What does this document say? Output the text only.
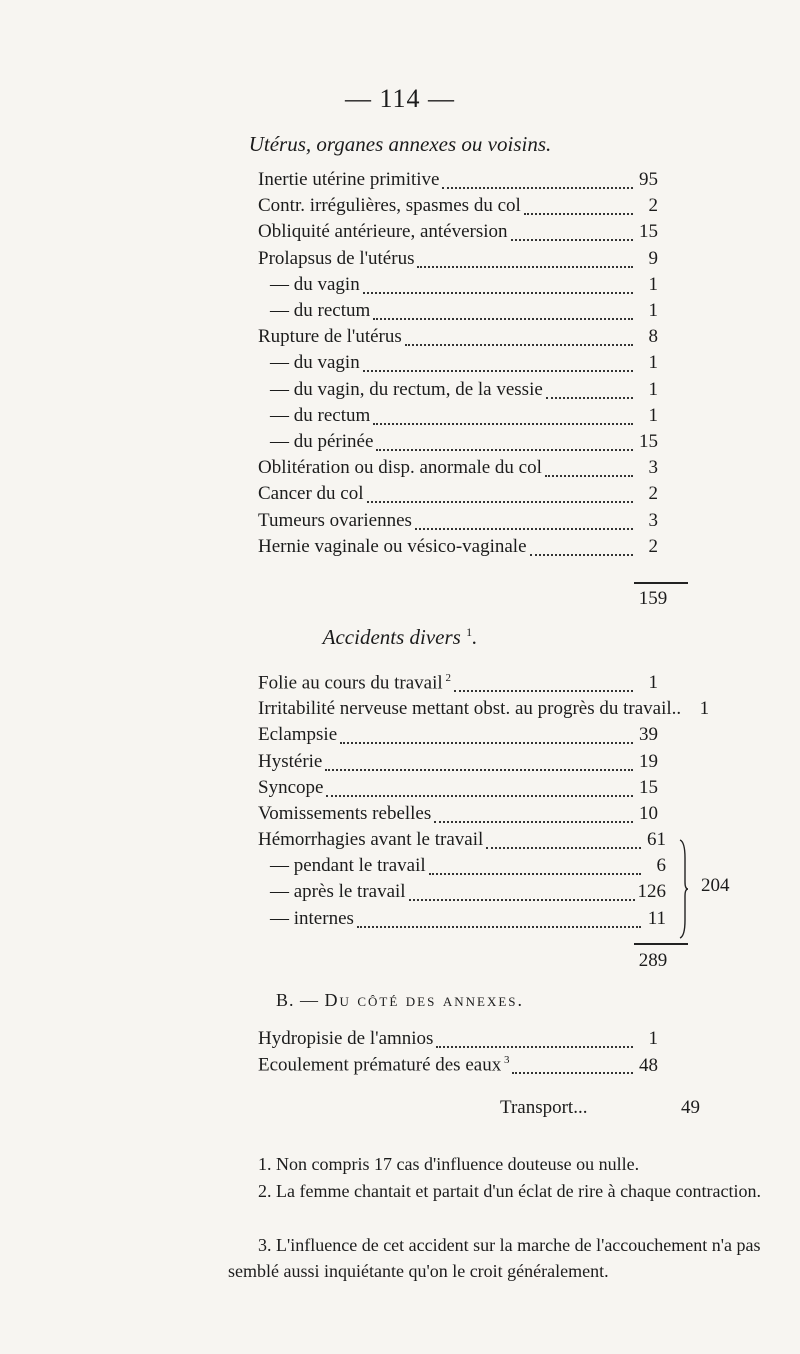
— 114 —
Utérus, organes annexes ou voisins.
Inertie utérine primitive	95
Contr. irrégulières, spasmes du col	2
Obliquité antérieure, antéversion	15
Prolapsus de l'utérus	9
— du vagin	1
— du rectum	1
Rupture de l'utérus	8
— du vagin	1
— du vagin, du rectum, de la vessie	1
— du rectum	1
— du périnée	15
Oblitération ou disp. anormale du col	3
Cancer du col	2
Tumeurs ovariennes	3
Hernie vaginale ou vésico-vaginale	2
159
Accidents divers $^1$.
Folie au cours du travail $^2$	1
Irritabilité nerveuse mettant obst. au progrès du travail.. 1
Eclampsie	39
Hystérie	19
Syncope	15
Vomissements rebelles	10
Hémorrhagies avant le travail	61
— pendant le travail	6
— après le travail	126
— internes	11
204
289
B. — Du côté des annexes.
Hydropisie de l'amnios	1
Ecoulement prématuré des eaux $^3$	48
Transport...	49
1. Non compris 17 cas d'influence douteuse ou nulle.
2. La femme chantait et partait d'un éclat de rire à chaque contraction.
3. L'influence de cet accident sur la marche de l'accouchement n'a pas semblé aussi inquiétante qu'on le croit généralement.
